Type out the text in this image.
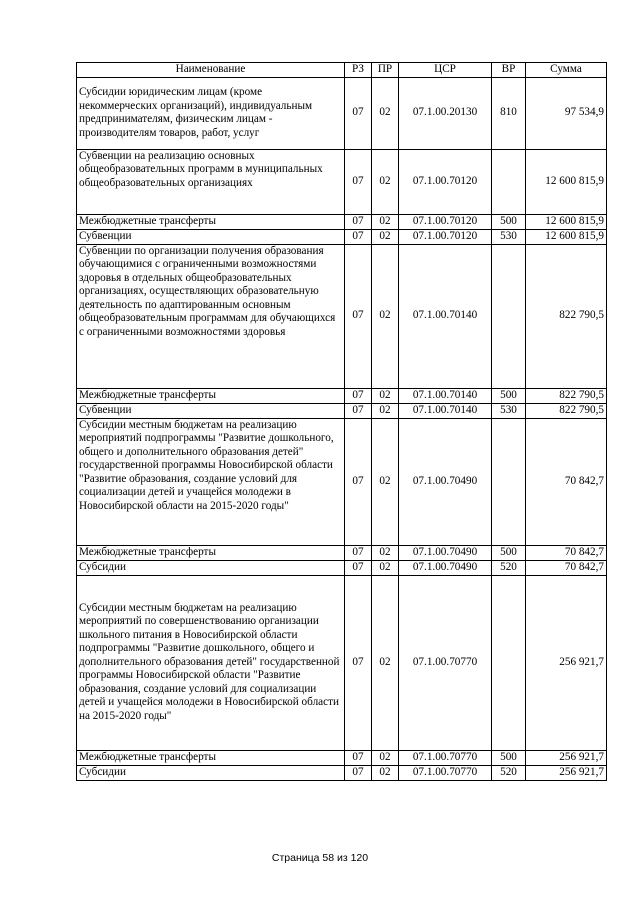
Наименование	РЗ	ПР	ЦСР	ВР	Сумма
Субсидии юридическим лицам (кроме некоммерческих организаций), индивидуальным предпринимателям, физическим лицам - производителям товаров, работ, услуг	07	02	07.1.00.20130	810	97 534,9
Субвенции на реализацию основных общеобразовательных программ в муниципальных общеобразовательных организациях	07	02	07.1.00.70120		12 600 815,9
Межбюджетные трансферты	07	02	07.1.00.70120	500	12 600 815,9
Субвенции	07	02	07.1.00.70120	530	12 600 815,9
Субвенции по организации получения образования обучающимися с ограниченными возможностями здоровья в отдельных общеобразовательных организациях, осуществляющих образовательную деятельность по адаптированным основным общеобразовательным программам для обучающихся с ограниченными возможностями здоровья	07	02	07.1.00.70140		822 790,5
Межбюджетные трансферты	07	02	07.1.00.70140	500	822 790,5
Субвенции	07	02	07.1.00.70140	530	822 790,5
Субсидии местным бюджетам на реализацию мероприятий подпрограммы "Развитие дошкольного, общего и дополнительного образования детей" государственной программы Новосибирской области "Развитие образования, создание условий для социализации детей и учащейся молодежи в Новосибирской области на 2015-2020 годы"	07	02	07.1.00.70490		70 842,7
Межбюджетные трансферты	07	02	07.1.00.70490	500	70 842,7
Субсидии	07	02	07.1.00.70490	520	70 842,7
Субсидии местным бюджетам на реализацию мероприятий по совершенствованию организации школьного питания в Новосибирской области подпрограммы "Развитие дошкольного, общего и дополнительного образования детей" государственной программы Новосибирской области "Развитие образования, создание условий для социализации детей и учащейся молодежи в Новосибирской области на 2015-2020 годы"	07	02	07.1.00.70770		256 921,7
Межбюджетные трансферты	07	02	07.1.00.70770	500	256 921,7
Субсидии	07	02	07.1.00.70770	520	256 921,7
Страница 58 из 120
